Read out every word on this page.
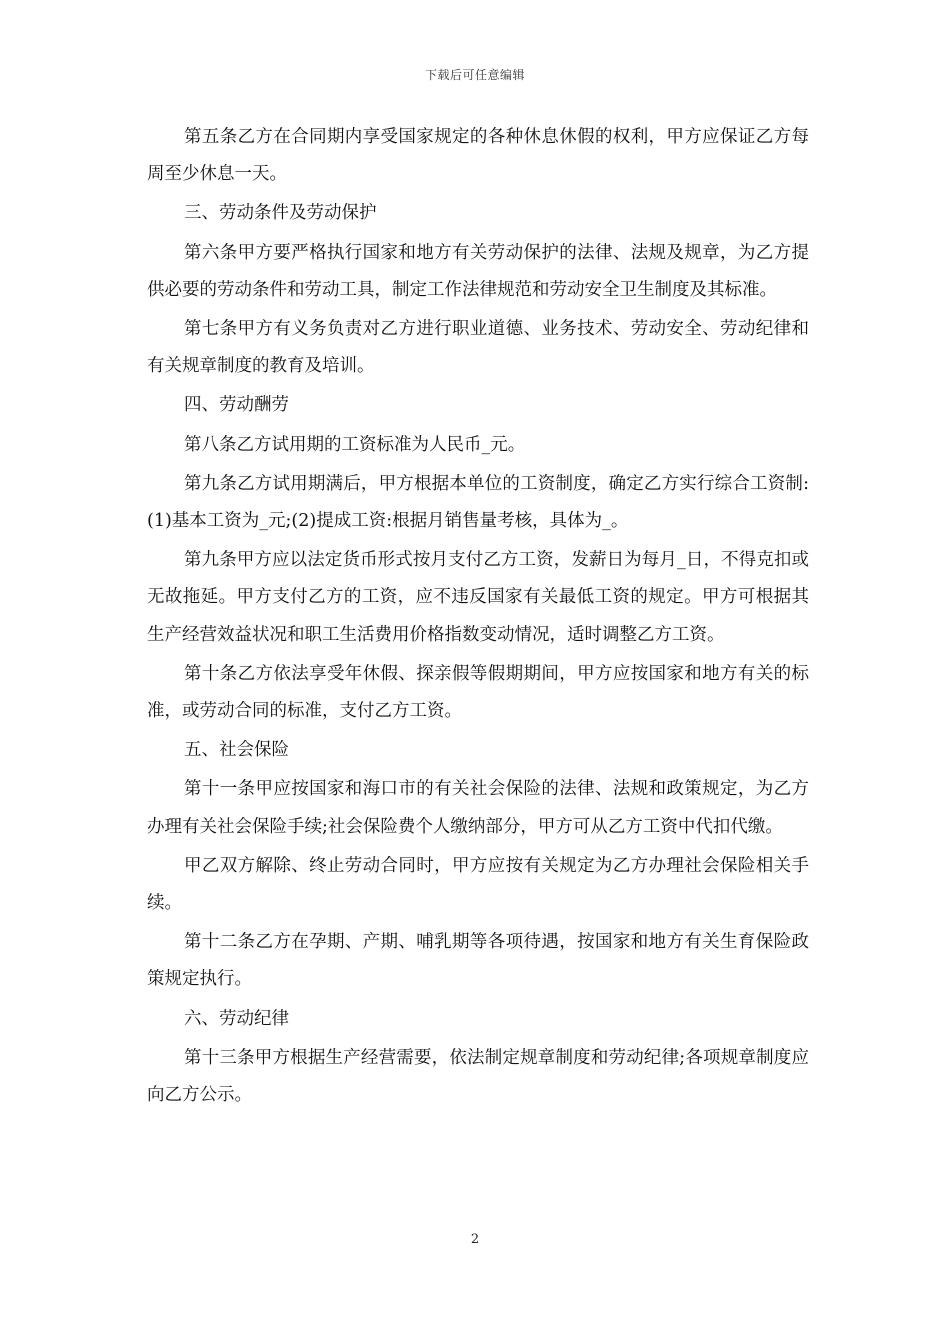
下载后可任意编辑

第五条乙方在合同期内享受国家规定的各种休息休假的权利，甲方应保证乙方每周至少休息一天。

三、劳动条件及劳动保护

第六条甲方要严格执行国家和地方有关劳动保护的法律、法规及规章，为乙方提供必要的劳动条件和劳动工具，制定工作法律规范和劳动安全卫生制度及其标准。

第七条甲方有义务负责对乙方进行职业道德、业务技术、劳动安全、劳动纪律和有关规章制度的教育及培训。

四、劳动酬劳

第八条乙方试用期的工资标准为人民币_元。

第九条乙方试用期满后，甲方根据本单位的工资制度，确定乙方实行综合工资制:(1)基本工资为_元;(2)提成工资:根据月销售量考核，具体为_。

第九条甲方应以法定货币形式按月支付乙方工资，发薪日为每月_日，不得克扣或无故拖延。甲方支付乙方的工资，应不违反国家有关最低工资的规定。甲方可根据其生产经营效益状况和职工生活费用价格指数变动情况，适时调整乙方工资。

第十条乙方依法享受年休假、探亲假等假期期间，甲方应按国家和地方有关的标准，或劳动合同的标准，支付乙方工资。

五、社会保险

第十一条甲应按国家和海口市的有关社会保险的法律、法规和政策规定，为乙方办理有关社会保险手续;社会保险费个人缴纳部分，甲方可从乙方工资中代扣代缴。

甲乙双方解除、终止劳动合同时，甲方应按有关规定为乙方办理社会保险相关手续。

第十二条乙方在孕期、产期、哺乳期等各项待遇，按国家和地方有关生育保险政策规定执行。

六、劳动纪律

第十三条甲方根据生产经营需要，依法制定规章制度和劳动纪律;各项规章制度应向乙方公示。

2
